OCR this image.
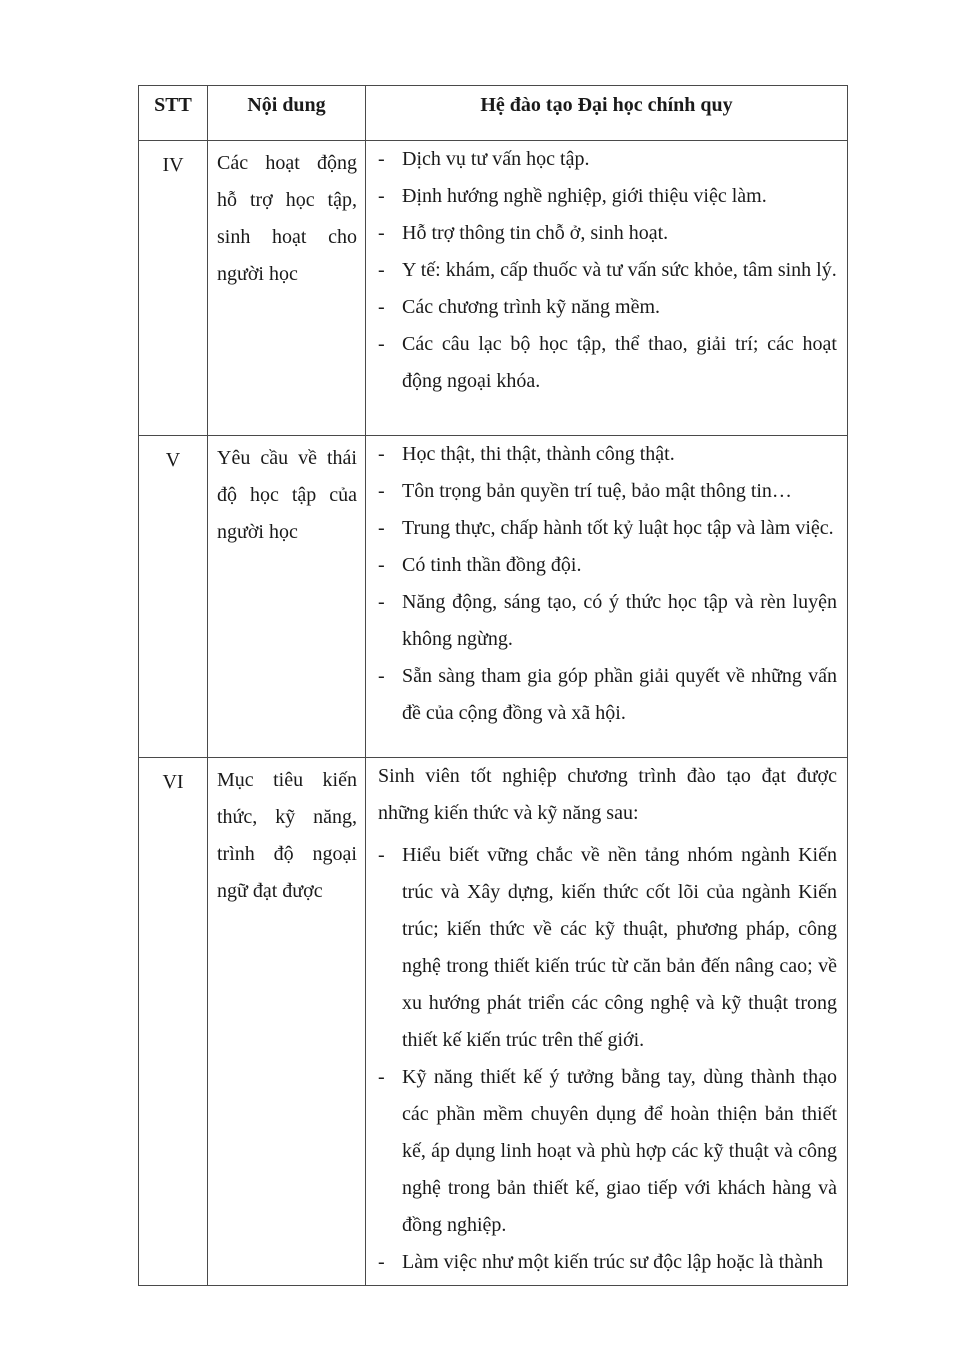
STT	Nội dung	Hệ đào tạo Đại học chính quy
IV	Các hoạt động hỗ trợ học tập, sinh hoạt cho người học	
- Dịch vụ tư vấn học tập.
- Định hướng nghề nghiệp, giới thiệu việc làm.
- Hỗ trợ thông tin chỗ ở, sinh hoạt.
- Y tế: khám, cấp thuốc và tư vấn sức khỏe, tâm sinh lý.
- Các chương trình kỹ năng mềm.
- Các câu lạc bộ học tập, thể thao, giải trí; các hoạt động ngoại khóa.

V	Yêu cầu về thái độ học tập của người học	
- Học thật, thi thật, thành công thật.
- Tôn trọng bản quyền trí tuệ, bảo mật thông tin…
- Trung thực, chấp hành tốt kỷ luật học tập và làm việc.
- Có tinh thần đồng đội.
- Năng động, sáng tạo, có ý thức học tập và rèn luyện không ngừng.
- Sẵn sàng tham gia góp phần giải quyết về những vấn đề của cộng đồng và xã hội.

VI	Mục tiêu kiến thức, kỹ năng, trình độ ngoại ngữ đạt được	
Sinh viên tốt nghiệp chương trình đào tạo đạt được những kiến thức và kỹ năng sau:
- Hiểu biết vững chắc về nền tảng nhóm ngành Kiến trúc và Xây dựng, kiến thức cốt lõi của ngành Kiến trúc; kiến thức về các kỹ thuật, phương pháp, công nghệ trong thiết kiến trúc từ căn bản đến nâng cao; về xu hướng phát triển các công nghệ và kỹ thuật trong thiết kế kiến trúc trên thế giới.
- Kỹ năng thiết kế ý tưởng bằng tay, dùng thành thạo các phần mềm chuyên dụng để hoàn thiện bản thiết kế, áp dụng linh hoạt và phù hợp các kỹ thuật và công nghệ trong bản thiết kế, giao tiếp với khách hàng và đồng nghiệp.
- Làm việc như một kiến trúc sư độc lập hoặc là thành
